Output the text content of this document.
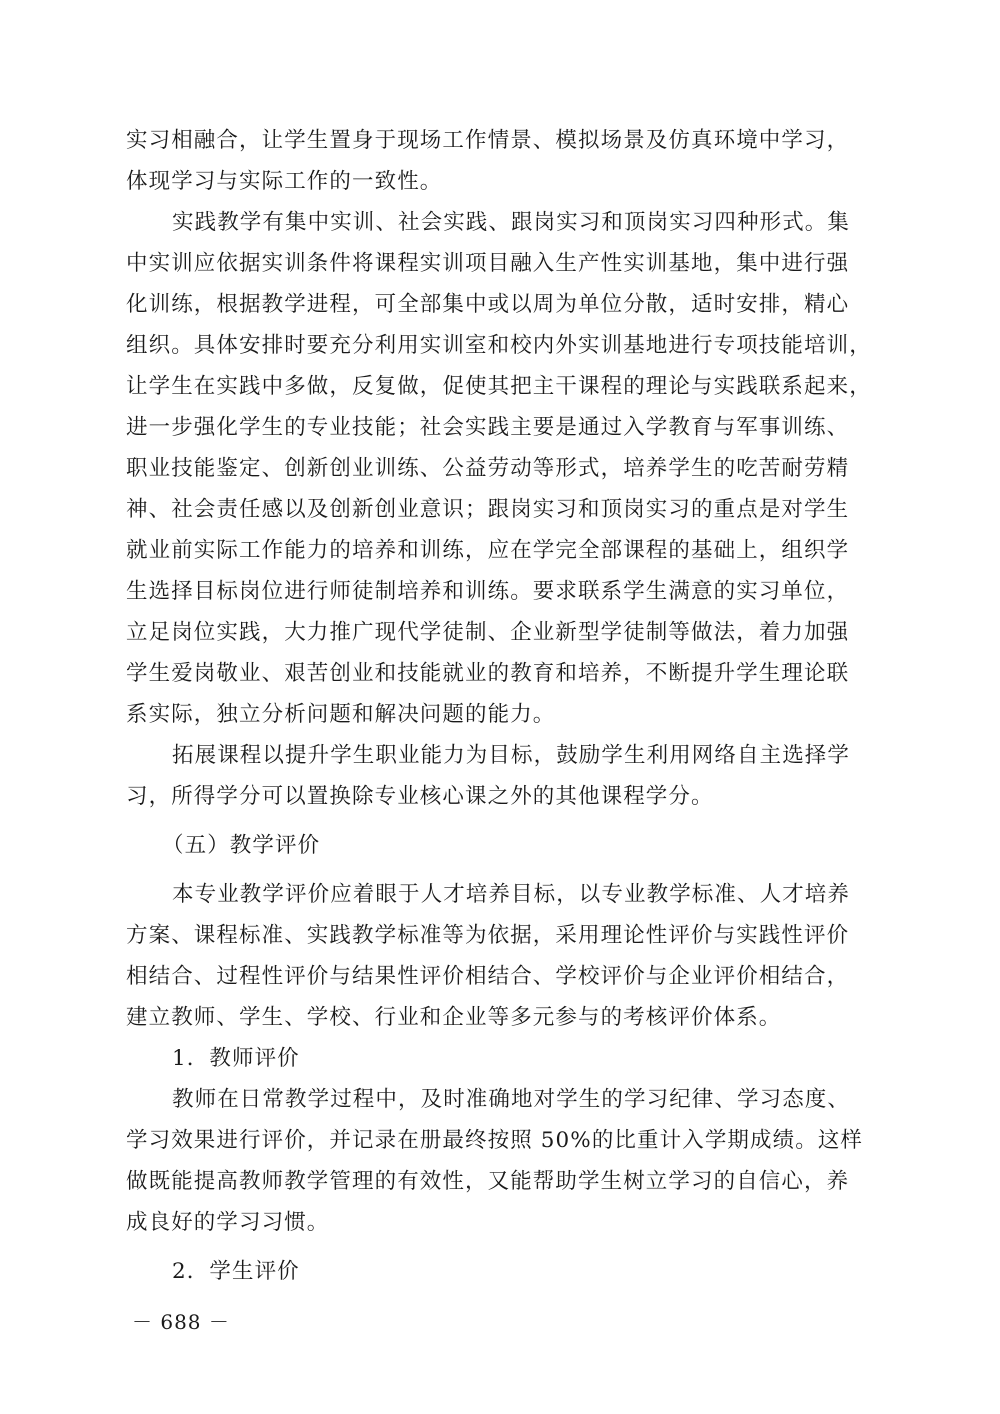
实习相融合，让学生置身于现场工作情景、模拟场景及仿真环境中学习，
体现学习与实际工作的一致性。
实践教学有集中实训、社会实践、跟岗实习和顶岗实习四种形式。集
中实训应依据实训条件将课程实训项目融入生产性实训基地，集中进行强
化训练，根据教学进程，可全部集中或以周为单位分散，适时安排，精心
组织。具体安排时要充分利用实训室和校内外实训基地进行专项技能培训，
让学生在实践中多做，反复做，促使其把主干课程的理论与实践联系起来，
进一步强化学生的专业技能；社会实践主要是通过入学教育与军事训练、
职业技能鉴定、创新创业训练、公益劳动等形式，培养学生的吃苦耐劳精
神、社会责任感以及创新创业意识；跟岗实习和顶岗实习的重点是对学生
就业前实际工作能力的培养和训练，应在学完全部课程的基础上，组织学
生选择目标岗位进行师徒制培养和训练。要求联系学生满意的实习单位，
立足岗位实践，大力推广现代学徒制、企业新型学徒制等做法，着力加强
学生爱岗敬业、艰苦创业和技能就业的教育和培养，不断提升学生理论联
系实际，独立分析问题和解决问题的能力。
拓展课程以提升学生职业能力为目标，鼓励学生利用网络自主选择学
习，所得学分可以置换除专业核心课之外的其他课程学分。
（五）教学评价
本专业教学评价应着眼于人才培养目标，以专业教学标准、人才培养
方案、课程标准、实践教学标准等为依据，采用理论性评价与实践性评价
相结合、过程性评价与结果性评价相结合、学校评价与企业评价相结合，
建立教师、学生、学校、行业和企业等多元参与的考核评价体系。
1．教师评价
教师在日常教学过程中，及时准确地对学生的学习纪律、学习态度、
学习效果进行评价，并记录在册最终按照 50%的比重计入学期成绩。这样
做既能提高教师教学管理的有效性，又能帮助学生树立学习的自信心，养
成良好的学习习惯。
2．学生评价
－ 688 －
